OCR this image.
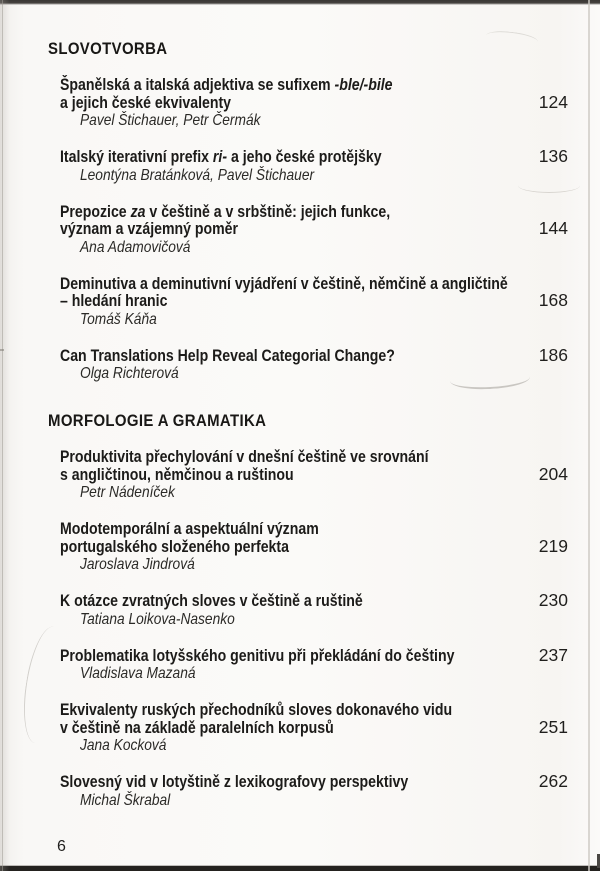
SLOVOTVORBA
Španělská a italská adjektiva se sufixem -ble/-bile
a jejich české ekvivalenty	124
Pavel Štichauer, Petr Čermák
Italský iterativní prefix ri- a jeho české protějšky	136
Leontýna Bratánková, Pavel Štichauer
Prepozice za v češtině a v srbštině: jejich funkce,
význam a vzájemný poměr	144
Ana Adamovičová
Deminutiva a deminutivní vyjádření v češtině, němčině a angličtině
– hledání hranic	168
Tomáš Káňa
Can Translations Help Reveal Categorial Change?	186
Olga Richterová
MORFOLOGIE A GRAMATIKA
Produktivita přechylování v dnešní češtině ve srovnání
s angličtinou, němčinou a ruštinou	204
Petr Nádeníček
Modotemporální a aspektuální význam
portugalského složeného perfekta	219
Jaroslava Jindrová
K otázce zvratných sloves v češtině a ruštině	230
Tatiana Loikova-Nasenko
Problematika lotyšského genitivu při překládání do češtiny	237
Vladislava Mazaná
Ekvivalenty ruských přechodníků sloves dokonavého vidu
v češtině na základě paralelních korpusů	251
Jana Kocková
Slovesný vid v lotyštině z lexikografovy perspektivy	262
Michal Škrabal
6
